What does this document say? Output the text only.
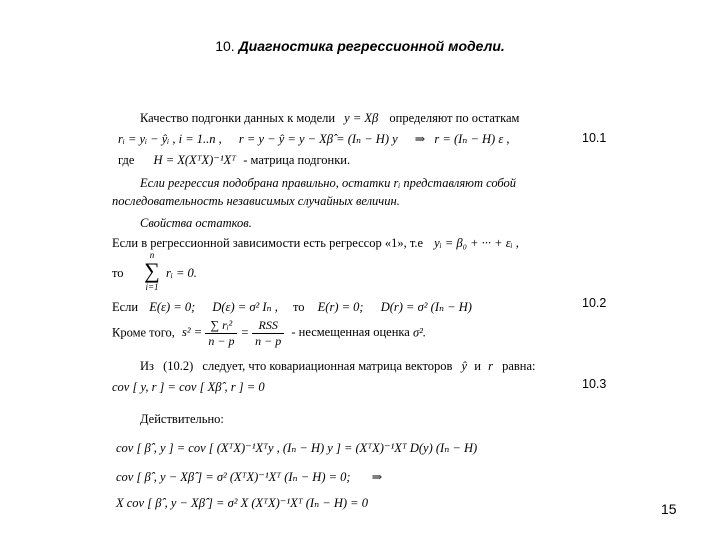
10. Диагностика регрессионной модели.
Качество подгонки данных к модели y = Xβ определяют по остаткам
rᵢ = yᵢ − ŷᵢ , i = 1..n , r = y − ŷ = y − Xβ̂ = (Iₙ − H) y ⇒ r = (Iₙ − H) ε ,	10.1
где H = X(XᵀX)⁻¹Xᵀ - матрица подгонки.
Если регрессия подобрана правильно, остатки rᵢ представляют собой
последовательность независимых случайных величин.
Свойства остатков.
Если в регрессионной зависимости есть регрессор «1», т.е yᵢ = β₀ + ··· + εᵢ ,
то
n
∑
i=1
rᵢ = 0.
Если E(ε) = 0; D(ε) = σ² Iₙ , то E(r) = 0; D(r) = σ² (Iₙ − H)	10.2
Кроме того, $s^2 = \frac{\text{∑ rᵢ²}}{n - p} = \frac{\text{RSS}}{n - p}$ - несмещенная оценка σ².
Из (10.2) следует, что ковариационная матрица векторов ŷ и r равна:
cov [ y, r ] = cov [ Xβ̂ , r ] = 0	10.3
Действительно:
cov [ β̂ , y ] = cov [ (XᵀX)⁻¹Xᵀy , (Iₙ − H) y ] = (XᵀX)⁻¹Xᵀ D(y) (Iₙ − H)
cov [ β̂ , y − Xβ̂ ] = σ² (XᵀX)⁻¹Xᵀ (Iₙ − H) = 0; ⇒
X cov [ β̂ , y − Xβ̂ ] = σ² X (XᵀX)⁻¹Xᵀ (Iₙ − H) = 0	15
